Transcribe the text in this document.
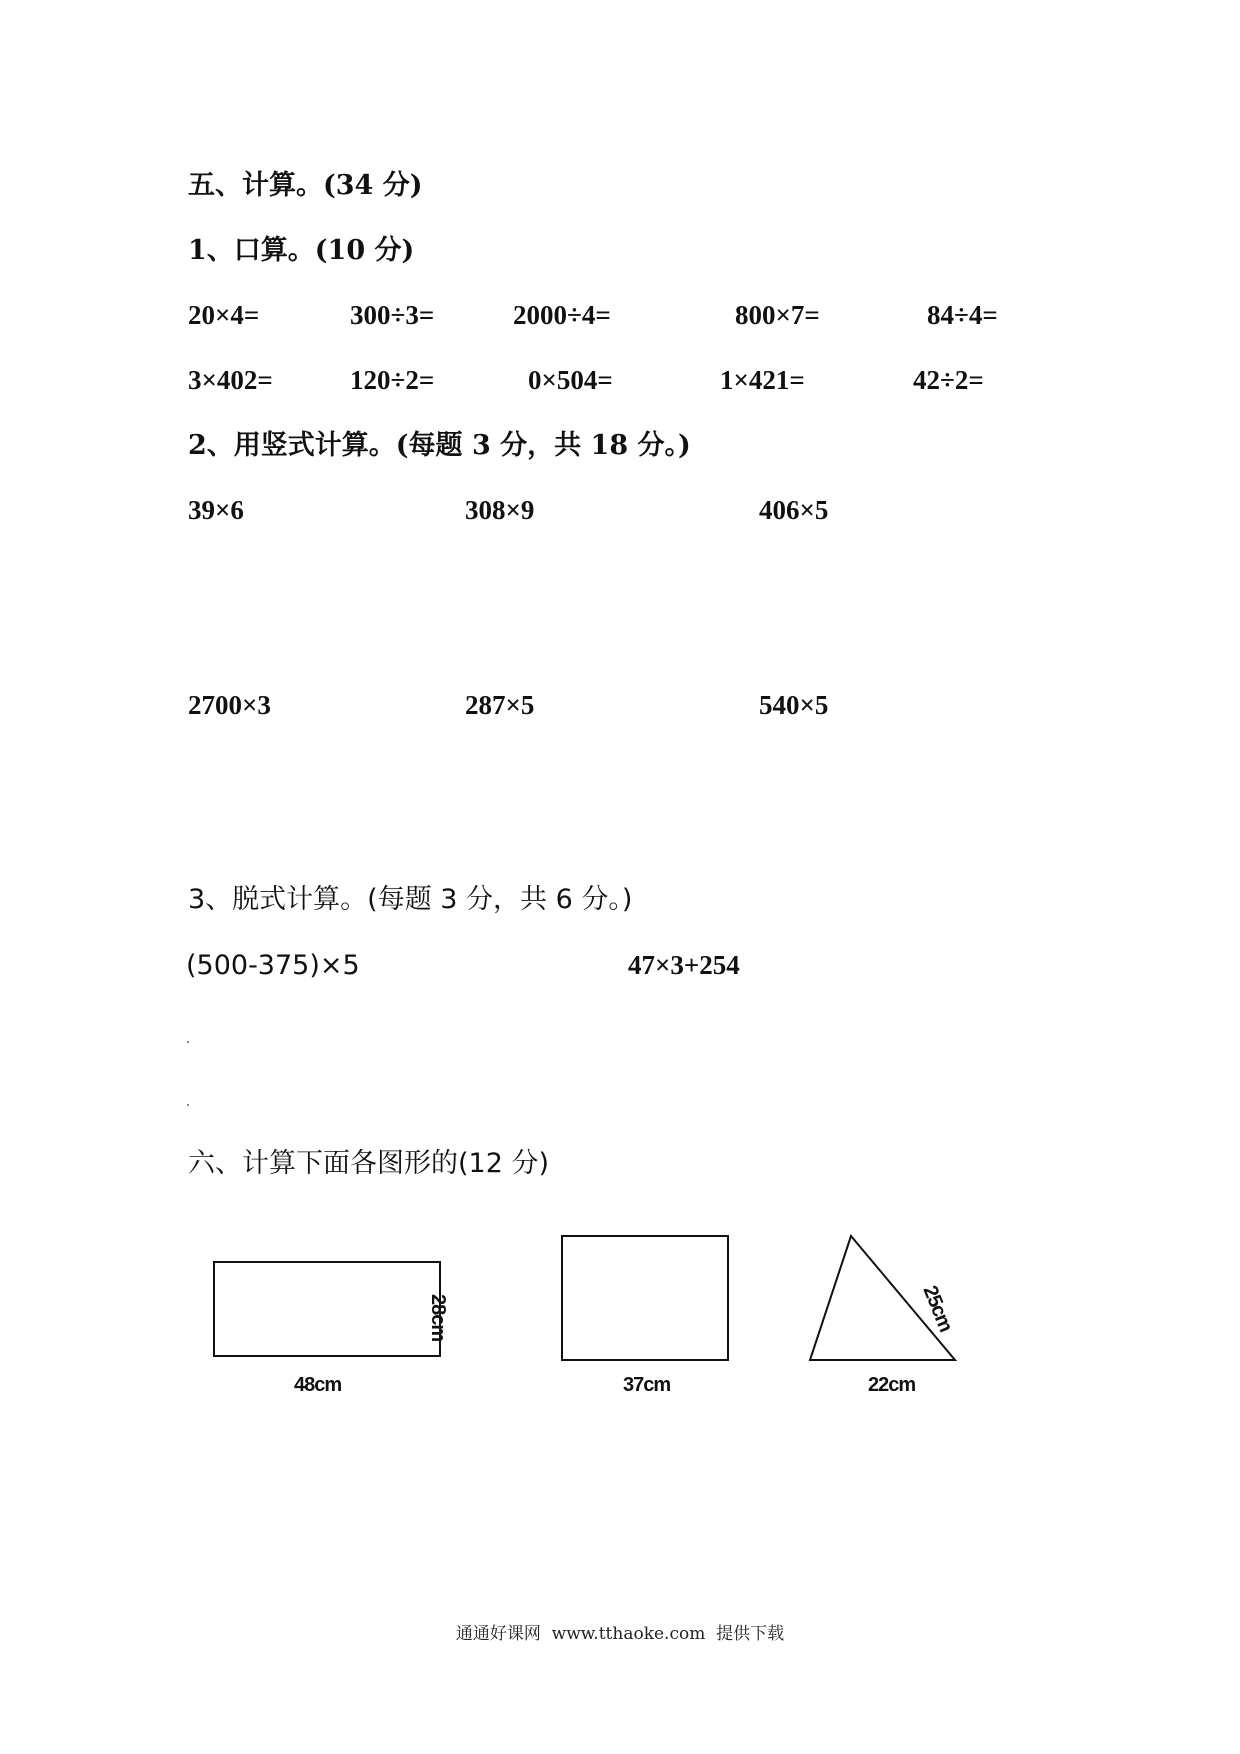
五、计算。(34 分)
1、口算。(10 分)
20×4=	300÷3=	2000÷4=	800×7=	84÷4=
3×402=	120÷2=	0×504=	1×421=	42÷2=
2、用竖式计算。(每题 3 分，共 18 分。)
39×6	308×9	406×5
2700×3	287×5	540×5
3、脱式计算。(每题 3 分，共 6 分。)
(500-375)×5	47×3+254
六、计算下面各图形的(12 分)
48cm
28cm
37cm	22cm
25cm
通通好课网  www.tthaoke.com  提供下载
